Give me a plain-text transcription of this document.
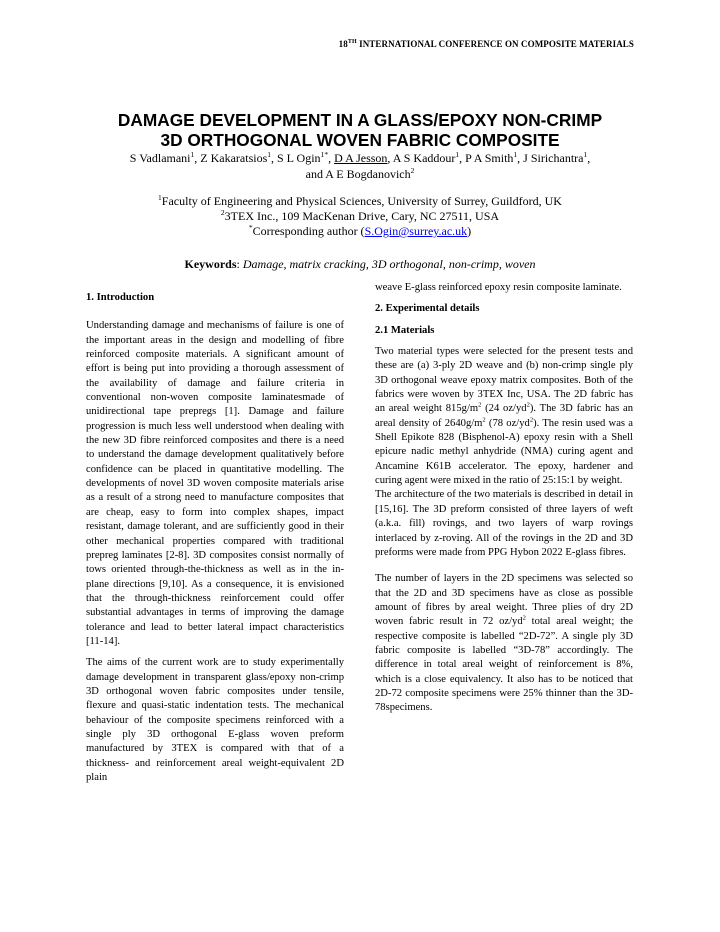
18TH INTERNATIONAL CONFERENCE ON COMPOSITE MATERIALS
DAMAGE DEVELOPMENT IN A GLASS/EPOXY NON-CRIMP
3D ORTHOGONAL WOVEN FABRIC COMPOSITE
S Vadlamani$^1$, Z Kakaratsios$^1$, S L Ogin$^{1*}$, D A Jesson, A S Kaddour$^1$, P A Smith$^1$, J Sirichantra$^1$, and A E Bogdanovich$^2$
$^1$Faculty of Engineering and Physical Sciences, University of Surrey, Guildford, UK
$^2$3TEX Inc., 109 MacKenan Drive, Cary, NC 27511, USA
*Corresponding author (S.Ogin@surrey.ac.uk)
Keywords: Damage, matrix cracking, 3D orthogonal, non-crimp, woven
1. Introduction

Understanding damage and mechanisms of failure is one of the important areas in the design and modelling of fibre reinforced composite materials. A significant amount of effort is being put into providing a thorough assessment of the availability of damage and failure criteria in conventional non-woven composite laminatesmade of unidirectional tape prepregs [1]. Damage and failure progression is much less well understood when dealing with the new 3D fibre reinforced composites and there is a need to understand the damage development qualitatively before confidence can be placed in quantitative modelling. The developments of novel 3D woven composite materials arise as a result of a strong need to manufacture composites that are cheap, easy to form into complex shapes, impact resistant, damage tolerant, and are sufficiently good in their other mechanical properties compared with traditional prepreg laminates [2-8]. 3D composites consist normally of tows oriented through-the-thickness as well as in the in-plane directions [9,10]. As a consequence, it is envisioned that the through-thickness reinforcement could offer substantial advantages in terms of improving the damage tolerance and lead to better lateral impact characteristics [11-14].

The aims of the current work are to study experimentally damage development in transparent glass/epoxy non-crimp 3D orthogonal woven fabric composites under tensile, flexure and quasi-static indentation tests. The mechanical behaviour of the composite specimens reinforced with a single ply 3D orthogonal E-glass woven preform manufactured by 3TEX is compared with that of a thickness- and reinforcement areal weight-equivalent 2D plain

weave E-glass reinforced epoxy resin composite laminate.

2. Experimental details
2.1 Materials

Two material types were selected for the present tests and these are (a) 3-ply 2D weave and (b) non-crimp single ply 3D orthogonal weave epoxy matrix composites. Both of the fabrics were woven by 3TEX Inc, USA. The 2D fabric has an areal weight $815g/m^2$ (24 $oz/yd^2$). The 3D fabric has an areal density of $2640g/m^2$ (78 $oz/yd^2$). The resin used was a Shell Epikote 828 (Bisphenol-A) epoxy resin with a Shell epicure nadic methyl anhydride (NMA) curing agent and Ancamine K61B accelerator. The epoxy, hardener and curing agent were mixed in the ratio of 25:15:1 by weight.

The architecture of the two materials is described in detail in [15,16]. The 3D preform consisted of three layers of weft (a.k.a. fill) rovings, and two layers of warp rovings interlaced by z-roving. All of the rovings in the 2D and 3D preforms were made from PPG Hybon 2022 E-glass fibres.

The number of layers in the 2D specimens was selected so that the 2D and 3D specimens have as close as possible amount of fibres by areal weight. Three plies of dry 2D woven fabric result in 72 $oz/yd^2$ total areal weight; the respective composite is labelled “2D-72”. A single ply 3D fabric composite is labelled “3D-78” accordingly. The difference in total areal weight of reinforcement is 8%, which is a close equivalency. It also has to be noticed that 2D-72 composite specimens were 25% thinner than the 3D-78specimens.
